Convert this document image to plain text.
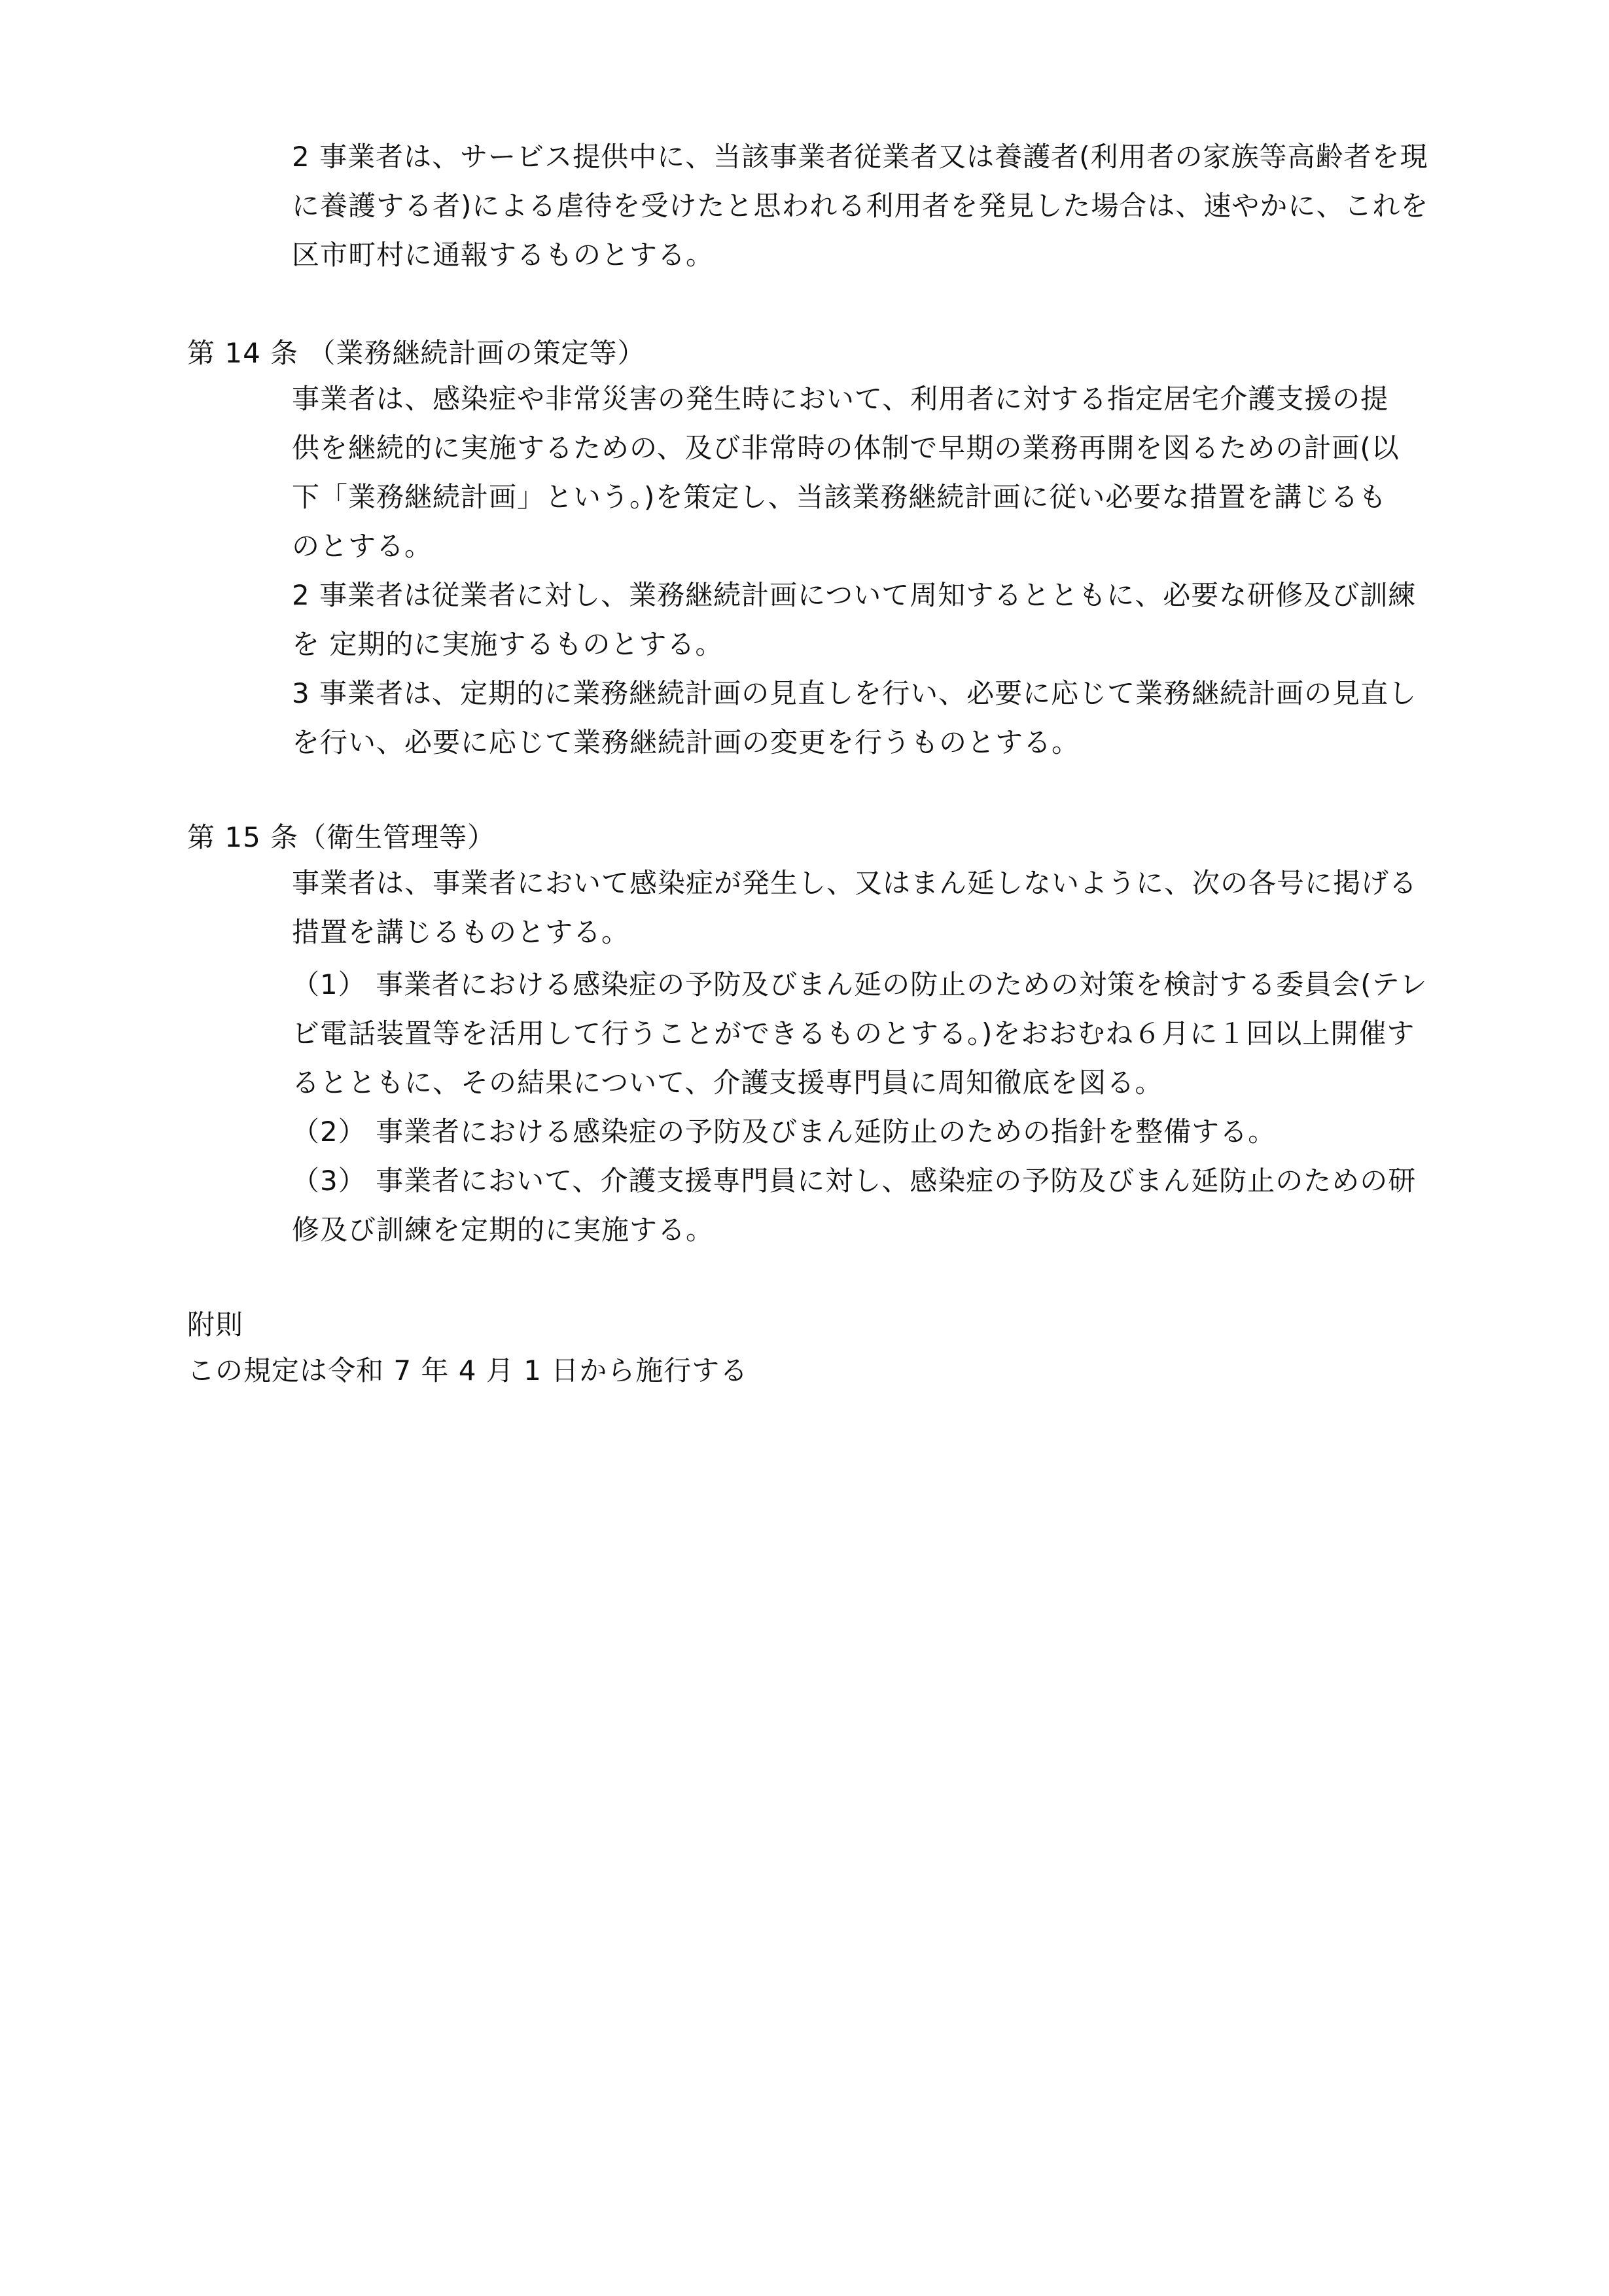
2 事業者は、サービス提供中に、当該事業者従業者又は養護者(利用者の家族等高齢者を現
に養護する者)による虐待を受けたと思われる利用者を発見した場合は、速やかに、これを
区市町村に通報するものとする。
第 14 条 （業務継続計画の策定等）
事業者は、感染症や非常災害の発生時において、利用者に対する指定居宅介護支援の提
供を継続的に実施するための、及び非常時の体制で早期の業務再開を図るための計画(以
下「業務継続計画」という。)を策定し、当該業務継続計画に従い必要な措置を講じるも
のとする。
2 事業者は従業者に対し、業務継続計画について周知するとともに、必要な研修及び訓練
を 定期的に実施するものとする。
3 事業者は、定期的に業務継続計画の見直しを行い、必要に応じて業務継続計画の見直し
を行い、必要に応じて業務継続計画の変更を行うものとする。
第 15 条（衛生管理等）
事業者は、事業者において感染症が発生し、又はまん延しないように、次の各号に掲げる
措置を講じるものとする。
（1） 事業者における感染症の予防及びまん延の防止のための対策を検討する委員会(テレ
ビ電話装置等を活用して行うことができるものとする。)をおおむね６月に１回以上開催す
るとともに、その結果について、介護支援専門員に周知徹底を図る。
（2） 事業者における感染症の予防及びまん延防止のための指針を整備する。
（3） 事業者において、介護支援専門員に対し、感染症の予防及びまん延防止のための研
修及び訓練を定期的に実施する。
附則
この規定は令和 7 年 4 月 1 日から施行する
